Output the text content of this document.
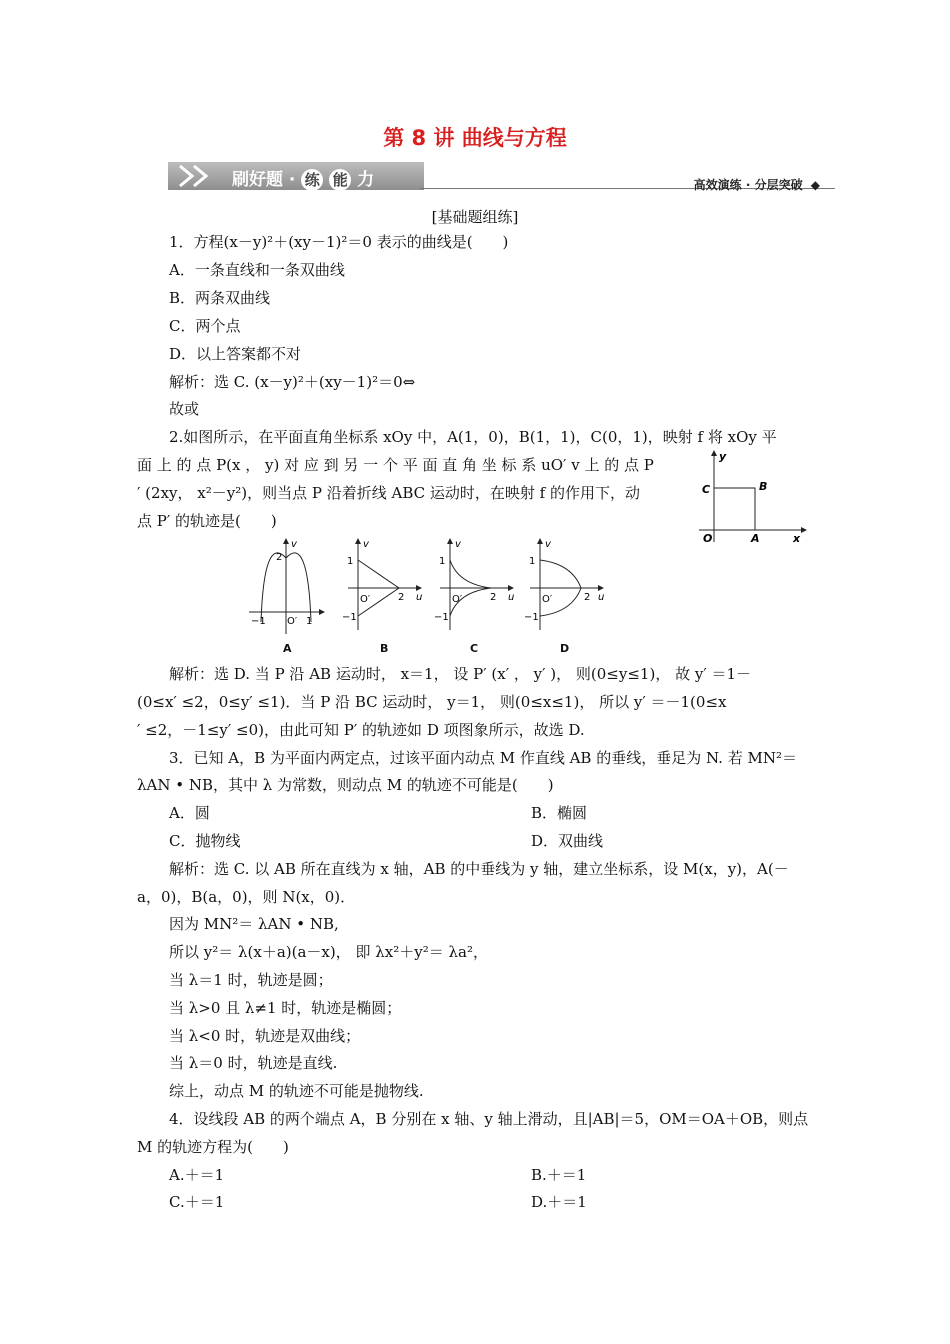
第 8 讲 曲线与方程
刷好题 · 练 能 力	高效演练 · 分层突破 ◆
[基础题组练]
1．方程(x－y)²＋(xy－1)²＝0 表示的曲线是(　　)
A．一条直线和一条双曲线
B．两条双曲线
C．两个点
D．以上答案都不对
解析：选 C. (x－y)²＋(xy－1)²＝0⇔
故或
2.如图所示，在平面直角坐标系 xOy 中，A(1，0)，B(1，1)，C(0，1)，映射 f 将 xOy 平
面 上 的 点 P(x ， y) 对 应 到 另 一 个 平 面 直 角 坐 标 系 uO′ v 上 的 点 P
′ (2xy， x²－y²)，则当点 P 沿着折线 ABC 运动时，在映射 f 的作用下，动
点 P′ 的轨迹是(　　)
y
x
O	A
B
C
v
2
−1 O′ 1
A
v
u
1
−1
O′	2
B
v
u
1
−1
O′	2
C
v
u
1
−1
O′	2
D
解析：选 D. 当 P 沿 AB 运动时， x＝1， 设 P′ (x′ ， y′ )， 则(0≤y≤1)， 故 y′ ＝1－
(0≤x′ ≤2，0≤y′ ≤1)．当 P 沿 BC 运动时， y＝1， 则(0≤x≤1)， 所以 y′ ＝－1(0≤x
′ ≤2，－1≤y′ ≤0)，由此可知 P′ 的轨迹如 D 项图象所示，故选 D.
3．已知 A，B 为平面内两定点，过该平面内动点 M 作直线 AB 的垂线，垂足为 N. 若 MN²＝
λAN • NB，其中 λ 为常数，则动点 M 的轨迹不可能是(　　)
A．圆	B．椭圆
C．抛物线	D．双曲线
解析：选 C. 以 AB 所在直线为 x 轴，AB 的中垂线为 y 轴，建立坐标系，设 M(x，y)，A(－
a，0)，B(a，0)，则 N(x，0)．
因为 MN²＝ λAN • NB,
所以 y²＝ λ(x＋a)(a－x)， 即 λx²＋y²＝ λa²，
当 λ＝1 时，轨迹是圆；
当 λ>0 且 λ≠1 时，轨迹是椭圆；
当 λ<0 时，轨迹是双曲线；
当 λ＝0 时，轨迹是直线.
综上，动点 M 的轨迹不可能是抛物线.
4．设线段 AB 的两个端点 A，B 分别在 x 轴、y 轴上滑动，且|AB|＝5，OM＝OA＋OB，则点
M 的轨迹方程为(　　)
A.＋＝1	B.＋＝1
C.＋＝1	D.＋＝1
